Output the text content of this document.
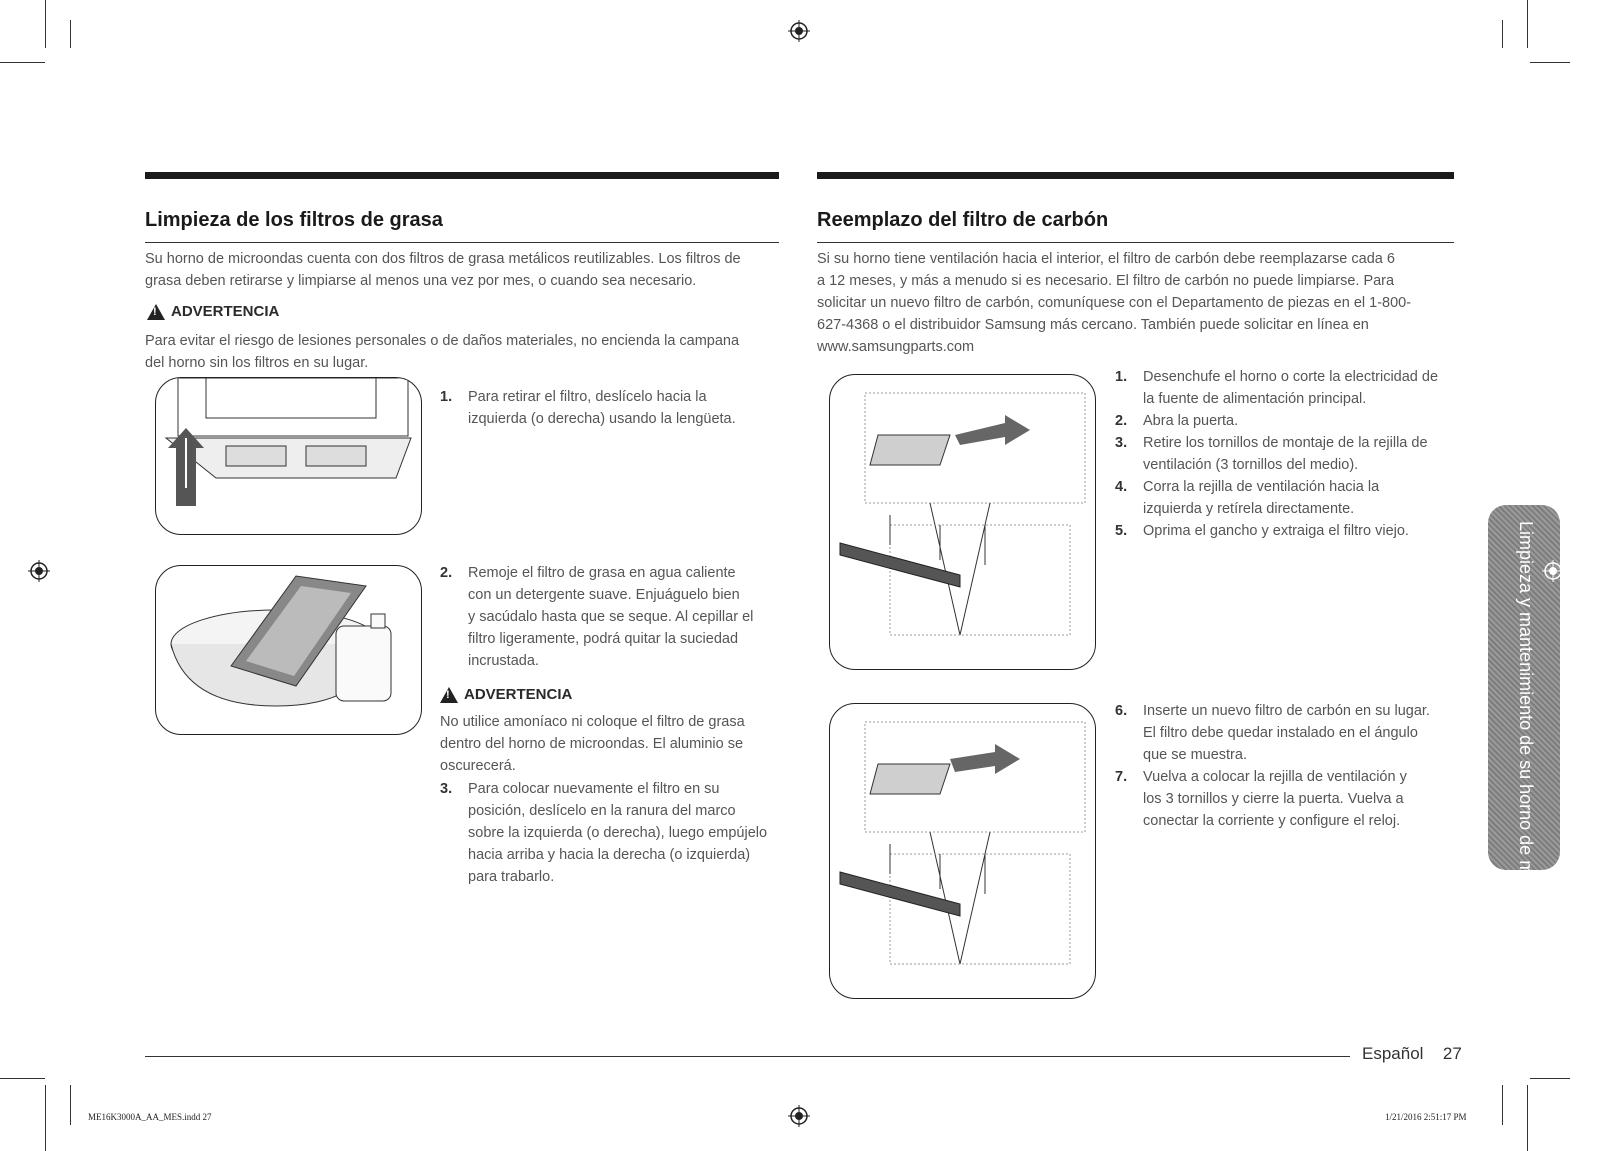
Limpieza de los filtros de grasa
Su horno de microondas cuenta con dos filtros de grasa metálicos reutilizables. Los filtros de
grasa deben retirarse y limpiarse al menos una vez por mes, o cuando sea necesario.
!
ADVERTENCIA
Para evitar el riesgo de lesiones personales o de daños materiales, no encienda la campana
del horno sin los filtros en su lugar.
1. Para retirar el filtro, deslícelo hacia la
izquierda (o derecha) usando la lengüeta.
2. Remoje el filtro de grasa en agua caliente
con un detergente suave. Enjuáguelo bien
y sacúdalo hasta que se seque. Al cepillar el
filtro ligeramente, podrá quitar la suciedad
incrustada.
!
ADVERTENCIA
No utilice amoníaco ni coloque el filtro de grasa
dentro del horno de microondas. El aluminio se
oscurecerá.
3. Para colocar nuevamente el filtro en su
posición, deslícelo en la ranura del marco
sobre la izquierda (o derecha), luego empújelo
hacia arriba y hacia la derecha (o izquierda)
para trabarlo.
Reemplazo del filtro de carbón
Si su horno tiene ventilación hacia el interior, el filtro de carbón debe reemplazarse cada 6
a 12 meses, y más a menudo si es necesario. El filtro de carbón no puede limpiarse. Para
solicitar un nuevo filtro de carbón, comuníquese con el Departamento de piezas en el 1-800-
627-4368 o el distribuidor Samsung más cercano. También puede solicitar en línea en
www.samsungparts.com
1. Desenchufe el horno o corte la electricidad de
la fuente de alimentación principal.
2. Abra la puerta.
3. Retire los tornillos de montaje de la rejilla de
ventilación (3 tornillos del medio).
4. Corra la rejilla de ventilación hacia la
izquierda y retírela directamente.
5. Oprima el gancho y extraiga el filtro viejo.
6. Inserte un nuevo filtro de carbón en su lugar.
El filtro debe quedar instalado en el ángulo
que se muestra.
7. Vuelva a colocar la rejilla de ventilación y
los 3 tornillos y cierre la puerta. Vuelva a
conectar la corriente y configure el reloj.	Limpieza y mantenimiento de su horno de microondas
Español 27
ME16K3000A_AA_MES.indd 27	1/21/2016 2:51:17 PM
